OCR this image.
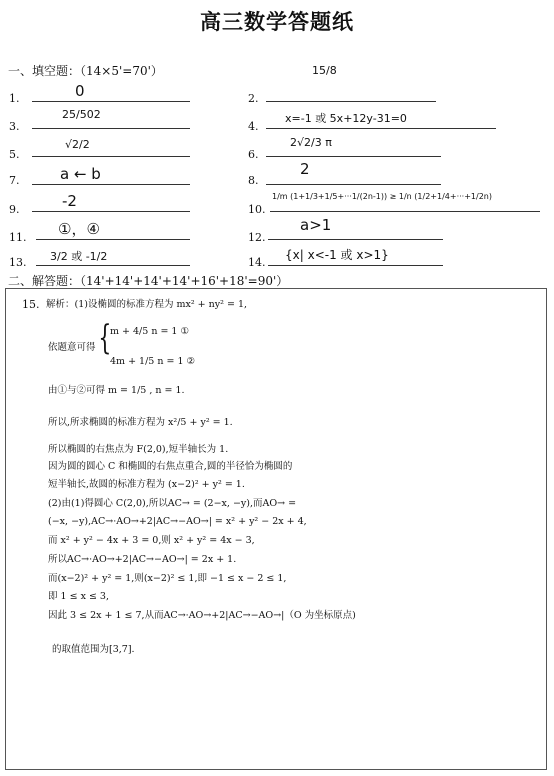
高三数学答题纸
一、填空题：（14×5'=70'）
1.	0
3.
25/502
5.
√2/2
7.	a ← b
9.	-2
11. ①，④
13. 3/2 或 -1/2
2.
15/8
4.
x=-1 或 5x+12y-31=0
6.
2√2/3 π
8.
2
10.
1/m (1+1/3+1/5+···1/(2n-1)) ≥ 1/n (1/2+1/4+···+1/2n)
12.
a>1
14.
{x| x<-1 或 x>1}
二、解答题：（14'+14'+14'+14'+16'+18'=90'）
15. 解析：(1)设椭圆的标准方程为 mx² + ny² = 1,
依题意可得 {
m + 4/5 n = 1 ①
4m + 1/5 n = 1 ②
由①与②可得 m = 1/5 , n = 1.
所以,所求椭圆的标准方程为 x²/5 + y² = 1.
所以椭圆的右焦点为 F(2,0),短半轴长为 1.
因为圆的圆心 C 和椭圆的右焦点重合,圆的半径恰为椭圆的
短半轴长,故圆的标准方程为 (x−2)² + y² = 1.
(2)由(1)得圆心 C(2,0),所以AC→ = (2−x, −y),而AO→ =
(−x, −y),AC→·AO→+2|AC→−AO→| = x² + y² − 2x + 4,
而 x² + y² − 4x + 3 = 0,则 x² + y² = 4x − 3,
所以AC→·AO→+2|AC→−AO→| = 2x + 1.
而(x−2)² + y² = 1,则(x−2)² ≤ 1,即 −1 ≤ x − 2 ≤ 1,
即 1 ≤ x ≤ 3,
因此 3 ≤ 2x + 1 ≤ 7,从而AC→·AO→+2|AC→−AO→|（O 为坐标原点)
的取值范围为[3,7].
